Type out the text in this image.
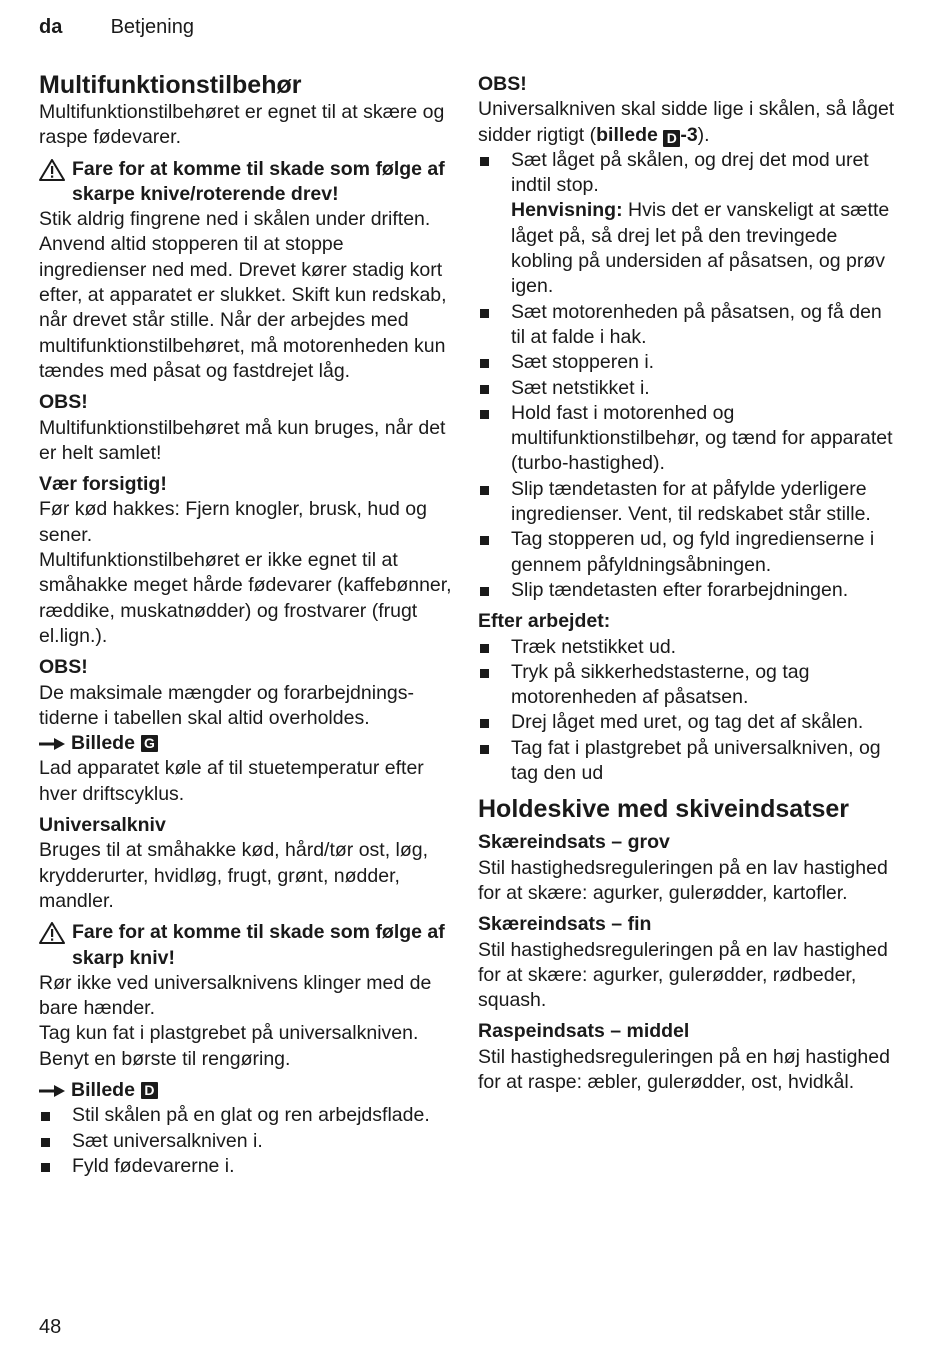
da Betjening
Multifunktionstilbehør

Multifunktionstilbehøret er egnet til at skære og raspe fødevarer.

Fare for at komme til skade som følge af skarpe knive/roterende drev!

Stik aldrig fingrene ned i skålen under driften. Anvend altid stopperen til at stoppe ingredienser ned med. Drevet kører stadig kort efter, at apparatet er slukket. Skift kun redskab, når drevet står stille. Når der arbejdes med multifunktionstilbehøret, må motorenheden kun tændes med påsat og fastdrejet låg.

OBS!

Multifunktionstilbehøret må kun bruges, når det er helt samlet!

Vær forsigtig!

Før kød hakkes: Fjern knogler, brusk, hud og sener.

Multifunktionstilbehøret er ikke egnet til at småhakke meget hårde fødevarer (kaffebønner, ræddike, muskatnødder) og frostvarer (frugt el.lign.).

OBS!

De maksimale mængder og forarbejdnings-tiderne i tabellen skal altid overholdes.

Billede G

Lad apparatet køle af til stuetemperatur efter hver driftscyklus.

Universalkniv

Bruges til at småhakke kød, hård/tør ost, løg, krydderurter, hvidløg, frugt, grønt, nødder, mandler.

Fare for at komme til skade som følge af skarp kniv!

Rør ikke ved universalknivens klinger med de bare hænder.

Tag kun fat i plastgrebet på universalkniven. Benyt en børste til rengøring.

Billede D
Stil skålen på en glat og ren arbejdsflade.
Sæt universalkniven i.
Fyld fødevarerne i.

OBS!

Universalkniven skal sidde lige i skålen, så låget sidder rigtigt (billede D -3).

Sæt låget på skålen, og drej det mod uret indtil stop.
Henvisning: Hvis det er vanskeligt at sætte låget på, så drej let på den trevingede kobling på undersiden af påsatsen, og prøv igen.
Sæt motorenheden på påsatsen, og få den til at falde i hak.
Sæt stopperen i.
Sæt netstikket i.
Hold fast i motorenhed og multifunktionstilbehør, og tænd for apparatet (turbo-hastighed).
Slip tændetasten for at påfylde yderligere ingredienser. Vent, til redskabet står stille.
Tag stopperen ud, og fyld ingredienserne i gennem påfyldningsåbningen.
Slip tændetasten efter forarbejdningen.

Efter arbejdet:

Træk netstikket ud.
Tryk på sikkerhedstasterne, og tag motorenheden af påsatsen.
Drej låget med uret, og tag det af skålen.
Tag fat i plastgrebet på universalkniven, og tag den ud
Holdeskive med skiveindsatser

Skæreindsats – grov

Stil hastighedsreguleringen på en lav hastighed for at skære: agurker, gulerødder, kartofler.

Skæreindsats – fin

Stil hastighedsreguleringen på en lav hastighed for at skære: agurker, gulerødder, rødbeder, squash.

Raspeindsats – middel

Stil hastighedsreguleringen på en høj hastighed for at raspe: æbler, gulerødder, ost, hvidkål.

48
